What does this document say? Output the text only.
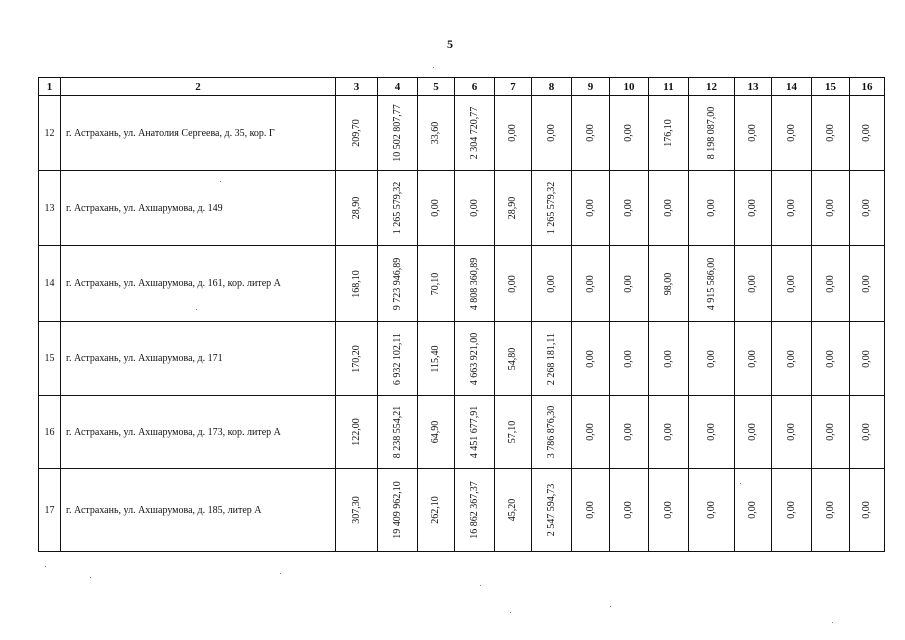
5
1	2	3	4	5	6	7	8	9	10	11	12	13	14	15	16
12	г. Астрахань, ул. Анатолия Сергеева, д. 35, кор. Г	209,70	10 502 807,77	33,60	2 304 720,77	0,00	0,00	0,00	0,00	176,10	8 198 087,00	0,00	0,00	0,00	0,00

13	г. Астрахань, ул. Ахшарумова, д. 149	28,90	1 265 579,32	0,00	0,00	28,90	1 265 579,32	0,00	0,00	0,00	0,00	0,00	0,00	0,00	0,00

14	г. Астрахань, ул. Ахшарумова, д. 161, кор. литер А	168,10	9 723 946,89	70,10	4 808 360,89	0,00	0,00	0,00	0,00	98,00	4 915 586,00	0,00	0,00	0,00	0,00

15	г. Астрахань, ул. Ахшарумова, д. 171	170,20	6 932 102,11	115,40	4 663 921,00	54,80	2 268 181,11	0,00	0,00	0,00	0,00	0,00	0,00	0,00	0,00

16	г. Астрахань, ул. Ахшарумова, д. 173, кор. литер А	122,00	8 238 554,21	64,90	4 451 677,91	57,10	3 786 876,30	0,00	0,00	0,00	0,00	0,00	0,00	0,00	0,00

17	г. Астрахань, ул. Ахшарумова, д. 185, литер А	307,30	19 409 962,10	262,10	16 862 367,37	45,20	2 547 594,73	0,00	0,00	0,00	0,00	0,00	0,00	0,00	0,00
